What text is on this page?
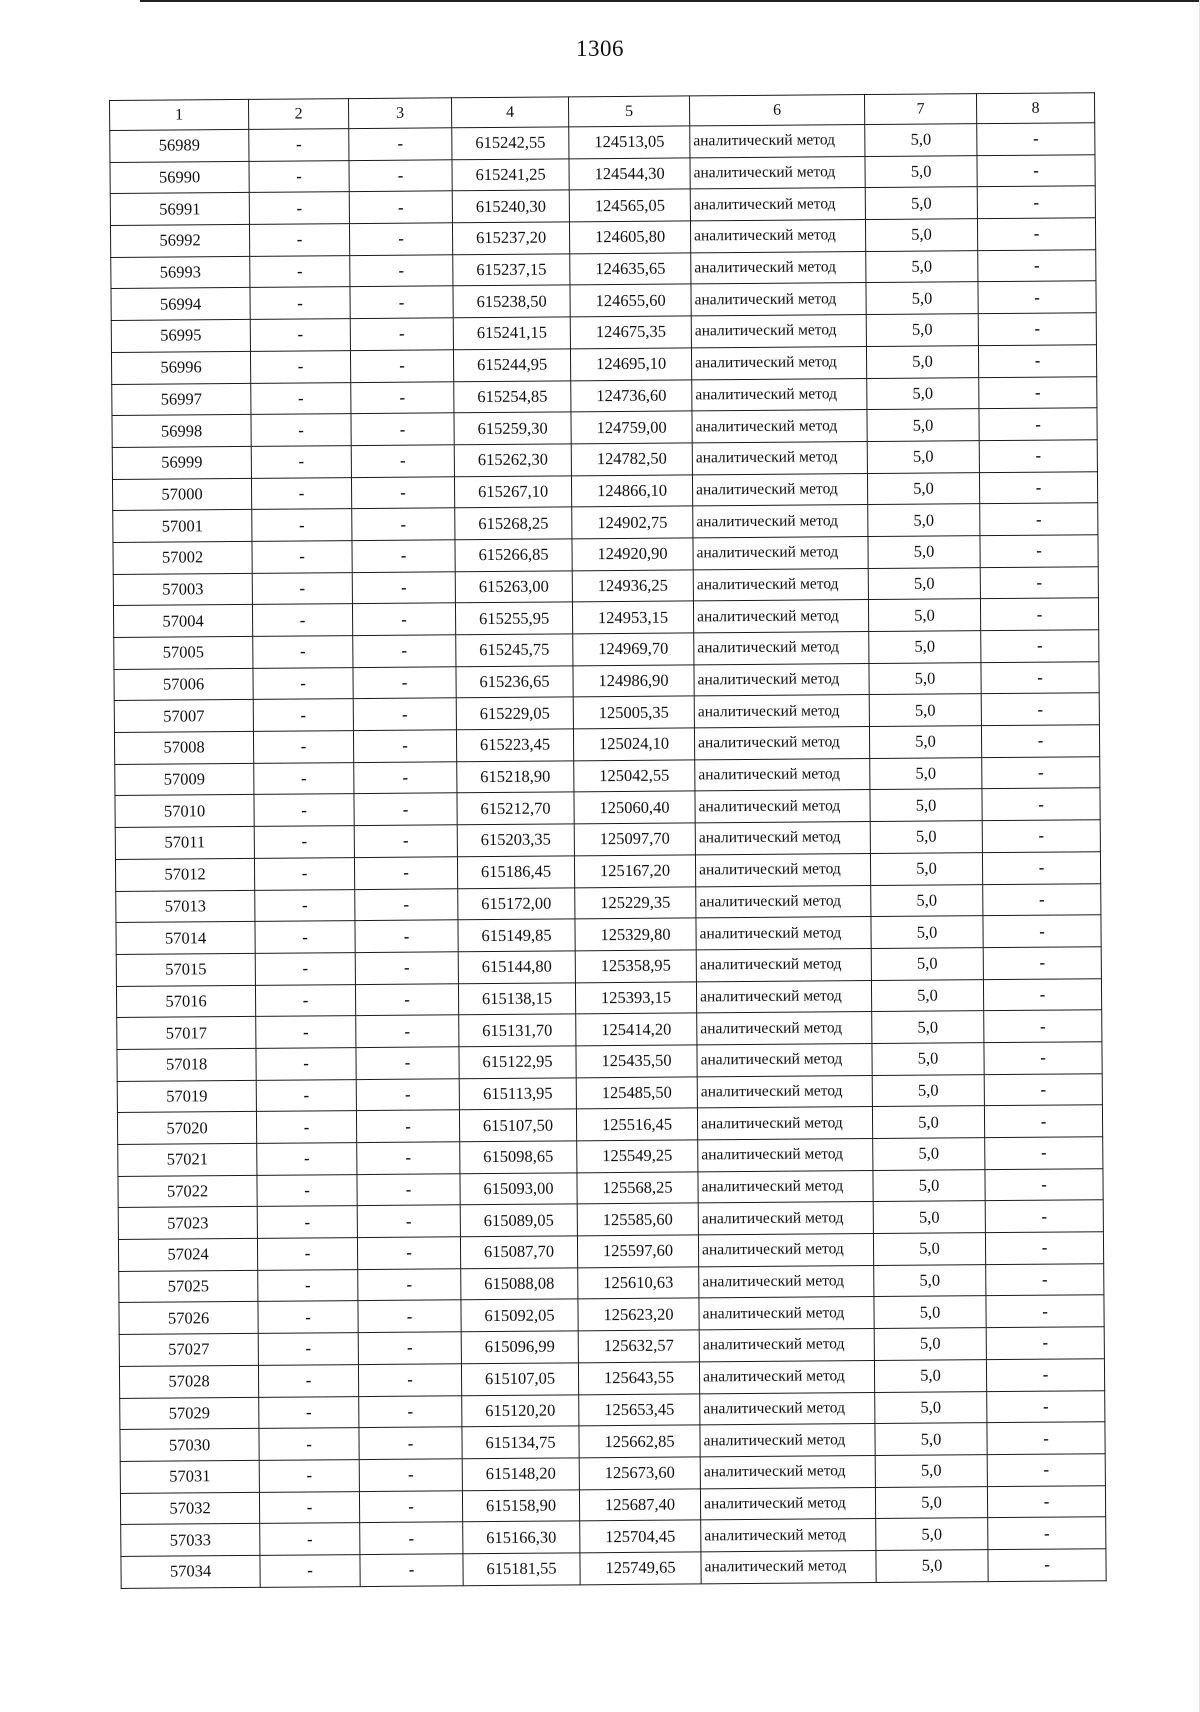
1306
1	2	3	4	5	6	7	8
56989	-	-	615242,55	124513,05	аналитический метод	5,0	-
56990	-	-	615241,25	124544,30	аналитический метод	5,0	-
56991	-	-	615240,30	124565,05	аналитический метод	5,0	-
56992	-	-	615237,20	124605,80	аналитический метод	5,0	-
56993	-	-	615237,15	124635,65	аналитический метод	5,0	-
56994	-	-	615238,50	124655,60	аналитический метод	5,0	-
56995	-	-	615241,15	124675,35	аналитический метод	5,0	-
56996	-	-	615244,95	124695,10	аналитический метод	5,0	-
56997	-	-	615254,85	124736,60	аналитический метод	5,0	-
56998	-	-	615259,30	124759,00	аналитический метод	5,0	-
56999	-	-	615262,30	124782,50	аналитический метод	5,0	-
57000	-	-	615267,10	124866,10	аналитический метод	5,0	-
57001	-	-	615268,25	124902,75	аналитический метод	5,0	-
57002	-	-	615266,85	124920,90	аналитический метод	5,0	-
57003	-	-	615263,00	124936,25	аналитический метод	5,0	-
57004	-	-	615255,95	124953,15	аналитический метод	5,0	-
57005	-	-	615245,75	124969,70	аналитический метод	5,0	-
57006	-	-	615236,65	124986,90	аналитический метод	5,0	-
57007	-	-	615229,05	125005,35	аналитический метод	5,0	-
57008	-	-	615223,45	125024,10	аналитический метод	5,0	-
57009	-	-	615218,90	125042,55	аналитический метод	5,0	-
57010	-	-	615212,70	125060,40	аналитический метод	5,0	-
57011	-	-	615203,35	125097,70	аналитический метод	5,0	-
57012	-	-	615186,45	125167,20	аналитический метод	5,0	-
57013	-	-	615172,00	125229,35	аналитический метод	5,0	-
57014	-	-	615149,85	125329,80	аналитический метод	5,0	-
57015	-	-	615144,80	125358,95	аналитический метод	5,0	-
57016	-	-	615138,15	125393,15	аналитический метод	5,0	-
57017	-	-	615131,70	125414,20	аналитический метод	5,0	-
57018	-	-	615122,95	125435,50	аналитический метод	5,0	-
57019	-	-	615113,95	125485,50	аналитический метод	5,0	-
57020	-	-	615107,50	125516,45	аналитический метод	5,0	-
57021	-	-	615098,65	125549,25	аналитический метод	5,0	-
57022	-	-	615093,00	125568,25	аналитический метод	5,0	-
57023	-	-	615089,05	125585,60	аналитический метод	5,0	-
57024	-	-	615087,70	125597,60	аналитический метод	5,0	-
57025	-	-	615088,08	125610,63	аналитический метод	5,0	-
57026	-	-	615092,05	125623,20	аналитический метод	5,0	-
57027	-	-	615096,99	125632,57	аналитический метод	5,0	-
57028	-	-	615107,05	125643,55	аналитический метод	5,0	-
57029	-	-	615120,20	125653,45	аналитический метод	5,0	-
57030	-	-	615134,75	125662,85	аналитический метод	5,0	-
57031	-	-	615148,20	125673,60	аналитический метод	5,0	-
57032	-	-	615158,90	125687,40	аналитический метод	5,0	-
57033	-	-	615166,30	125704,45	аналитический метод	5,0	-
57034	-	-	615181,55	125749,65	аналитический метод	5,0	-
